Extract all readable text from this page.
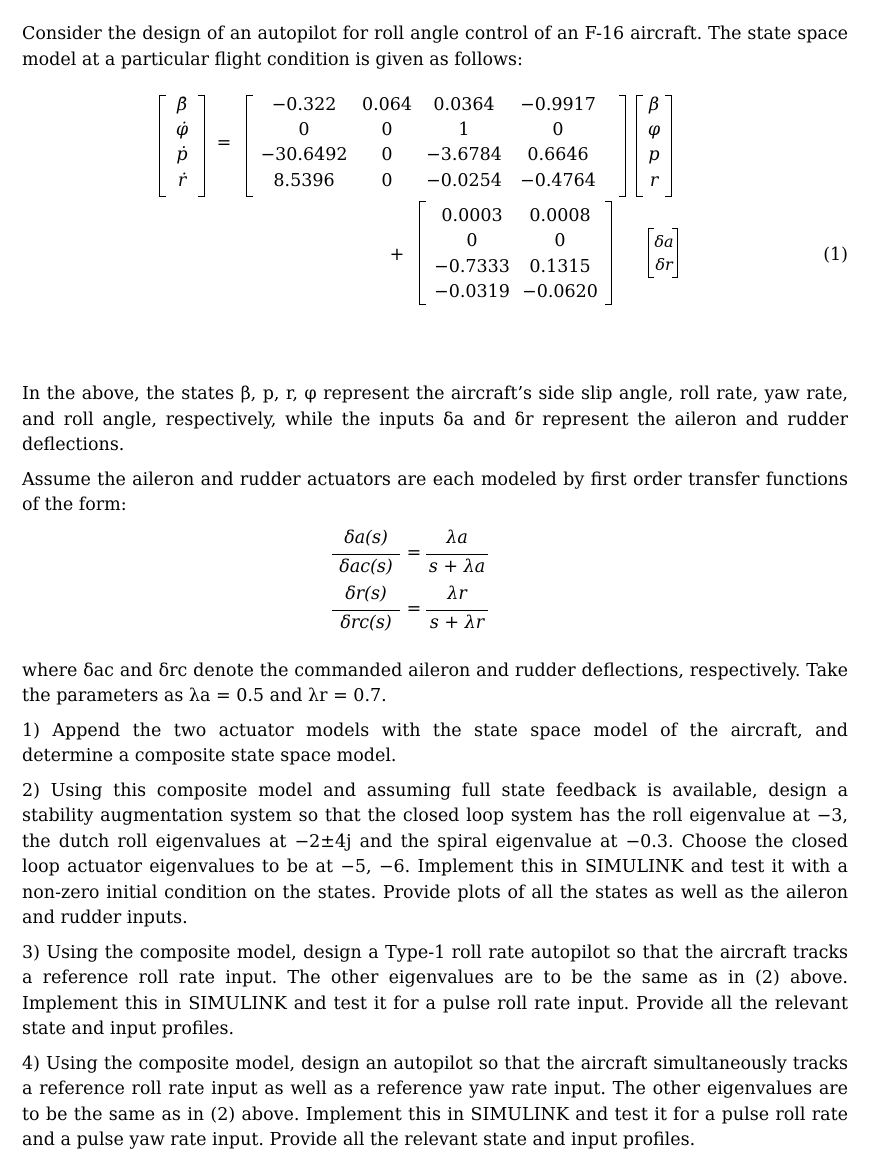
Consider the design of an autopilot for roll angle control of an F-16 aircraft. The state space model at a particular flight condition is given as follows:

β̇
φ̇
ṗ
ṙ
=
−0.322	0.064	0.0364	−0.9917
0	0	1	0
−30.6492	0	−3.6784	0.6646
8.5396	0	−0.0254 −0.4764
β
φ
p
r
+
0.0003	0.0008
0	0
−0.7333	0.1315
−0.0319 −0.0620
δa
δr	(1)

In the above, the states β, p, r, φ represent the aircraft’s side slip angle, roll rate, yaw rate, and roll angle, respectively, while the inputs δa and δr represent the aileron and rudder deflections.

Assume the aileron and rudder actuators are each modeled by first order transfer functions of the form:

δa(s)
δac(s)
=
λa
s + λa
δr(s)
δrc(s)
=
λr
s + λr

where δac and δrc denote the commanded aileron and rudder deflections, respectively. Take the parameters as λa = 0.5 and λr = 0.7.

1) Append the two actuator models with the state space model of the aircraft, and determine a composite state space model.

2) Using this composite model and assuming full state feedback is available, design a stability augmentation system so that the closed loop system has the roll eigenvalue at −3, the dutch roll eigenvalues at −2±4j and the spiral eigenvalue at −0.3. Choose the closed loop actuator eigenvalues to be at −5, −6. Implement this in SIMULINK and test it with a non-zero initial condition on the states. Provide plots of all the states as well as the aileron and rudder inputs.

3) Using the composite model, design a Type-1 roll rate autopilot so that the aircraft tracks a reference roll rate input. The other eigenvalues are to be the same as in (2) above. Implement this in SIMULINK and test it for a pulse roll rate input. Provide all the relevant state and input profiles.

4) Using the composite model, design an autopilot so that the aircraft simultaneously tracks a reference roll rate input as well as a reference yaw rate input. The other eigenvalues are to be the same as in (2) above. Implement this in SIMULINK and test it for a pulse roll rate and a pulse yaw rate input. Provide all the relevant state and input profiles.
